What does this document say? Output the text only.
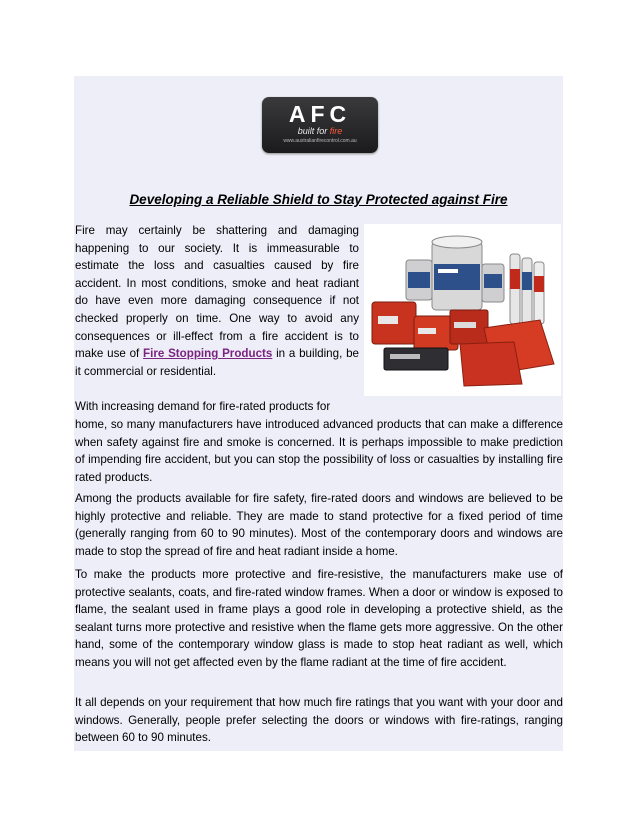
AFC
built for fire
www.australianfirecontrol.com.au
Developing a Reliable Shield to Stay Protected against Fire
Fire may certainly be shattering and damaging happening to our society. It is immeasurable to estimate the loss and casualties caused by fire accident. In most conditions, smoke and heat radiant do have even more damaging consequence if not checked properly on time. One way to avoid any consequences or ill-effect from a fire accident is to make use of Fire Stopping Products in a building, be it commercial or residential.
With increasing demand for fire-rated products for
home, so many manufacturers have introduced advanced products that can make a difference when safety against fire and smoke is concerned. It is perhaps impossible to make prediction of impending fire accident, but you can stop the possibility of loss or casualties by installing fire rated products.
Among the products available for fire safety, fire-rated doors and windows are believed to be highly protective and reliable. They are made to stand protective for a fixed period of time (generally ranging from 60 to 90 minutes). Most of the contemporary doors and windows are made to stop the spread of fire and heat radiant inside a home.
To make the products more protective and fire-resistive, the manufacturers make use of protective sealants, coats, and fire-rated window frames. When a door or window is exposed to flame, the sealant used in frame plays a good role in developing a protective shield, as the sealant turns more protective and resistive when the flame gets more aggressive. On the other hand, some of the contemporary window glass is made to stop heat radiant as well, which means you will not get affected even by the flame radiant at the time of fire accident.
It all depends on your requirement that how much fire ratings that you want with your door and windows. Generally, people prefer selecting the doors or windows with fire-ratings, ranging between 60 to 90 minutes.
